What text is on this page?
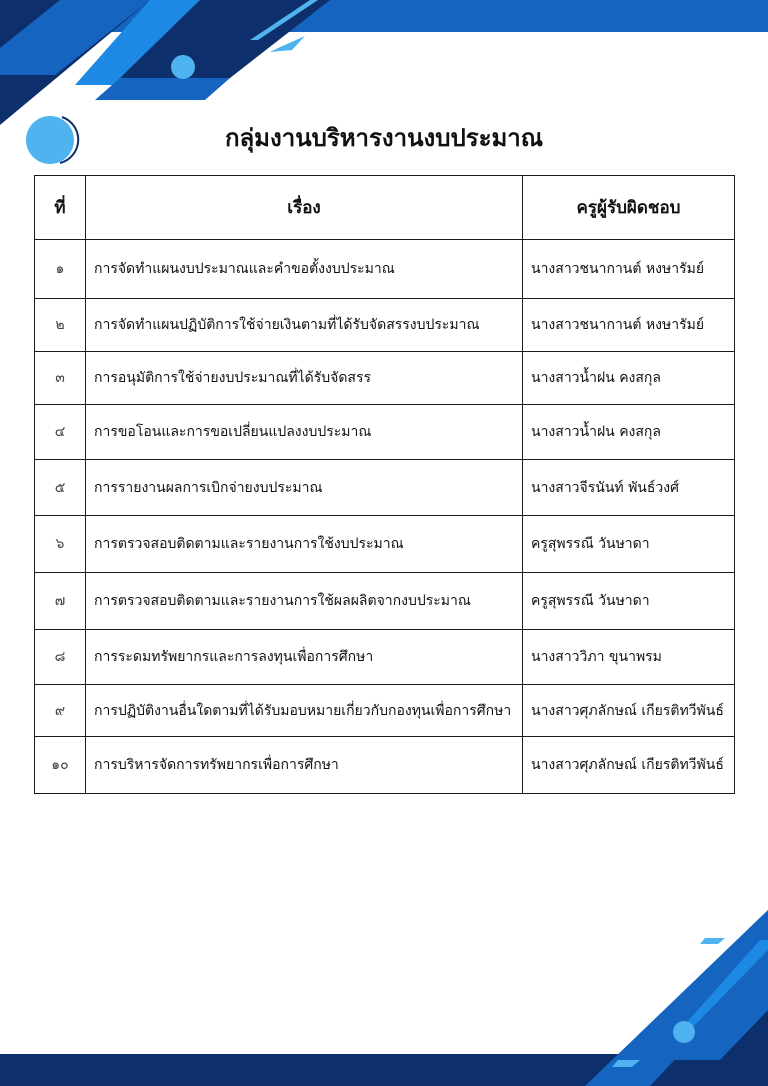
กลุ่มงานบริหารงานงบประมาณ
ที่	เรื่อง	ครูผู้รับผิดชอบ
๑	การจัดทำแผนงบประมาณและคำขอตั้งงบประมาณ	นางสาวชนากานต์ หงษารัมย์
๒	การจัดทำแผนปฏิบัติการใช้จ่ายเงินตามที่ได้รับจัดสรรงบประมาณ	นางสาวชนากานต์ หงษารัมย์
๓	การอนุมัติการใช้จ่ายงบประมาณที่ได้รับจัดสรร	นางสาวน้ำฝน คงสกุล
๔	การขอโอนและการขอเปลี่ยนแปลงงบประมาณ	นางสาวน้ำฝน คงสกุล
๕	การรายงานผลการเบิกจ่ายงบประมาณ	นางสาวจีรนันท์ พันธ์วงศ์
๖	การตรวจสอบติดตามและรายงานการใช้งบประมาณ	ครูสุพรรณี วันษาดา
๗	การตรวจสอบติดตามและรายงานการใช้ผลผลิตจากงบประมาณ	ครูสุพรรณี วันษาดา
๘	การระดมทรัพยากรและการลงทุนเพื่อการศึกษา	นางสาววิภา ขุนาพรม
๙	การปฏิบัติงานอื่นใดตามที่ได้รับมอบหมายเกี่ยวกับกองทุนเพื่อการศึกษา	นางสาวศุภลักษณ์ เกียรติทวีพันธ์
๑๐	การบริหารจัดการทรัพยากรเพื่อการศึกษา	นางสาวศุภลักษณ์ เกียรติทวีพันธ์
